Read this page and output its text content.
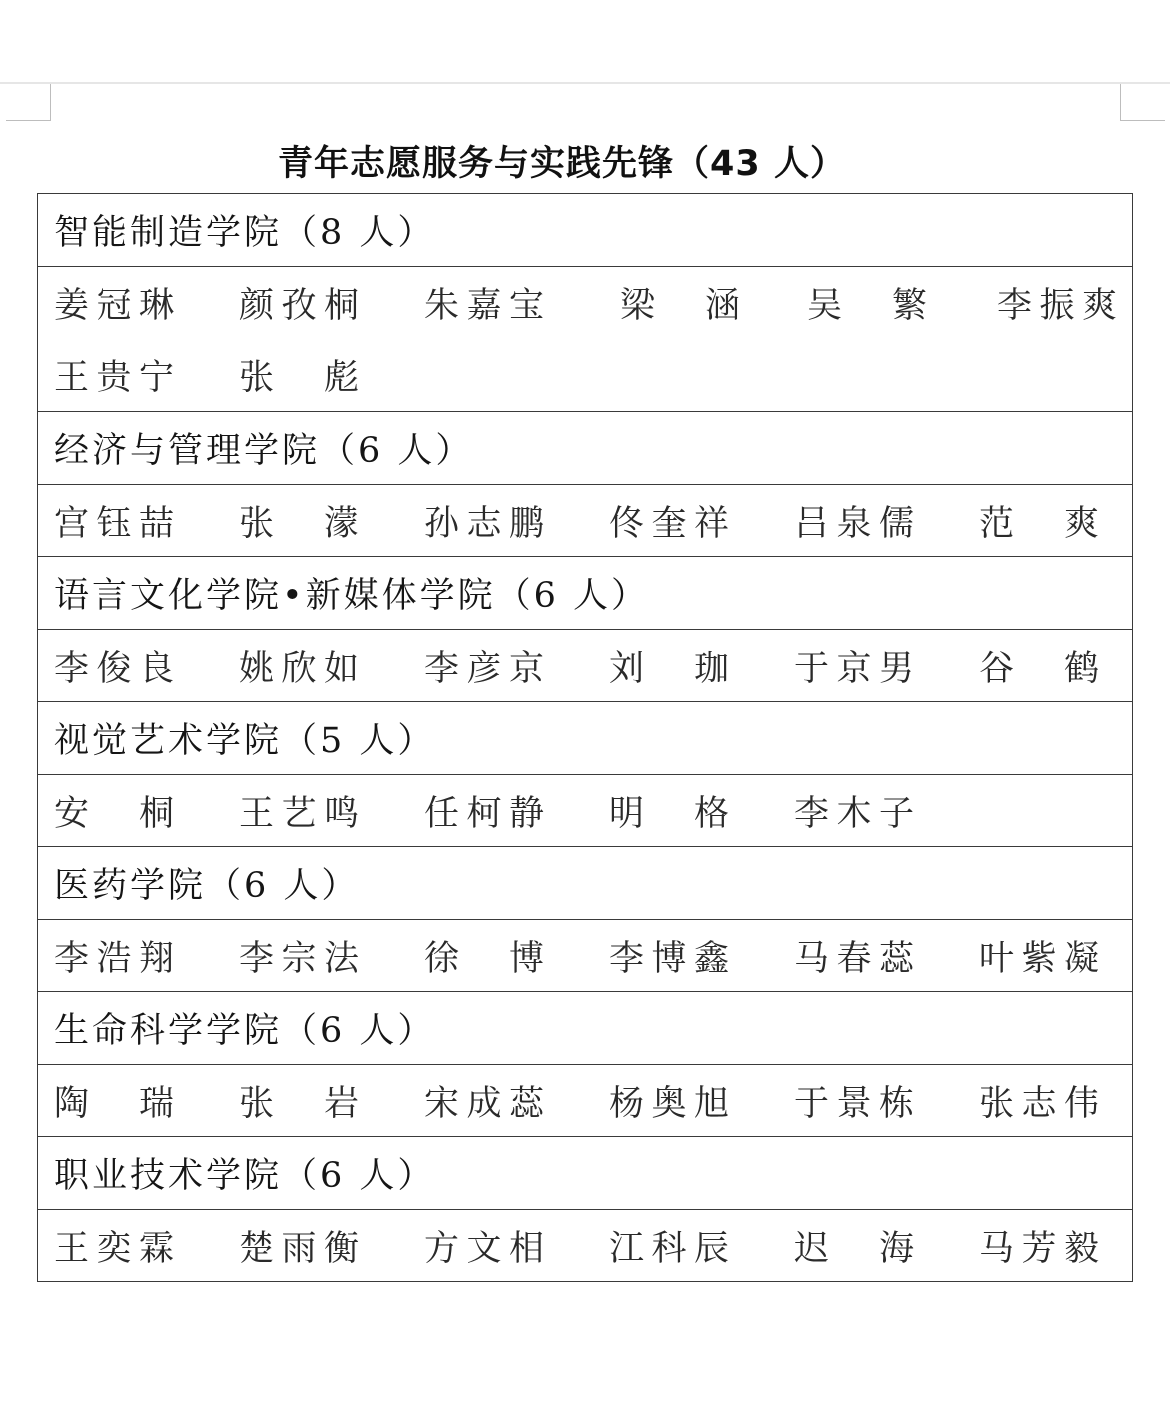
青年志愿服务与实践先锋（43 人）
智能制造学院（8 人）
姜 冠 琳 颜 孜 桐 朱 嘉 宝 梁 涵 吴 繁 李 振 爽
王 贵 宁 张 彪
经济与管理学院（6 人）
宫 钰 喆 张 濛 孙 志 鹏 佟 奎 祥 吕 泉 儒 范 爽
语言文化学院•新媒体学院（6 人）
李 俊 良 姚 欣 如 李 彦 京 刘 珈 于 京 男 谷 鹤
视觉艺术学院（5 人）
安 桐 王 艺 鸣 任 柯 静 明 格 李 木 子
医药学院（6 人）
李 浩 翔 李 宗 法 徐 博 李 博 鑫 马 春 蕊 叶 紫 凝
生命科学学院（6 人）
陶 瑞 张 岩 宋 成 蕊 杨 奥 旭 于 景 栋 张 志 伟
职业技术学院（6 人）
王 奕 霖 楚 雨 衡 方 文 相 江 科 辰 迟 海 马 芳 毅
